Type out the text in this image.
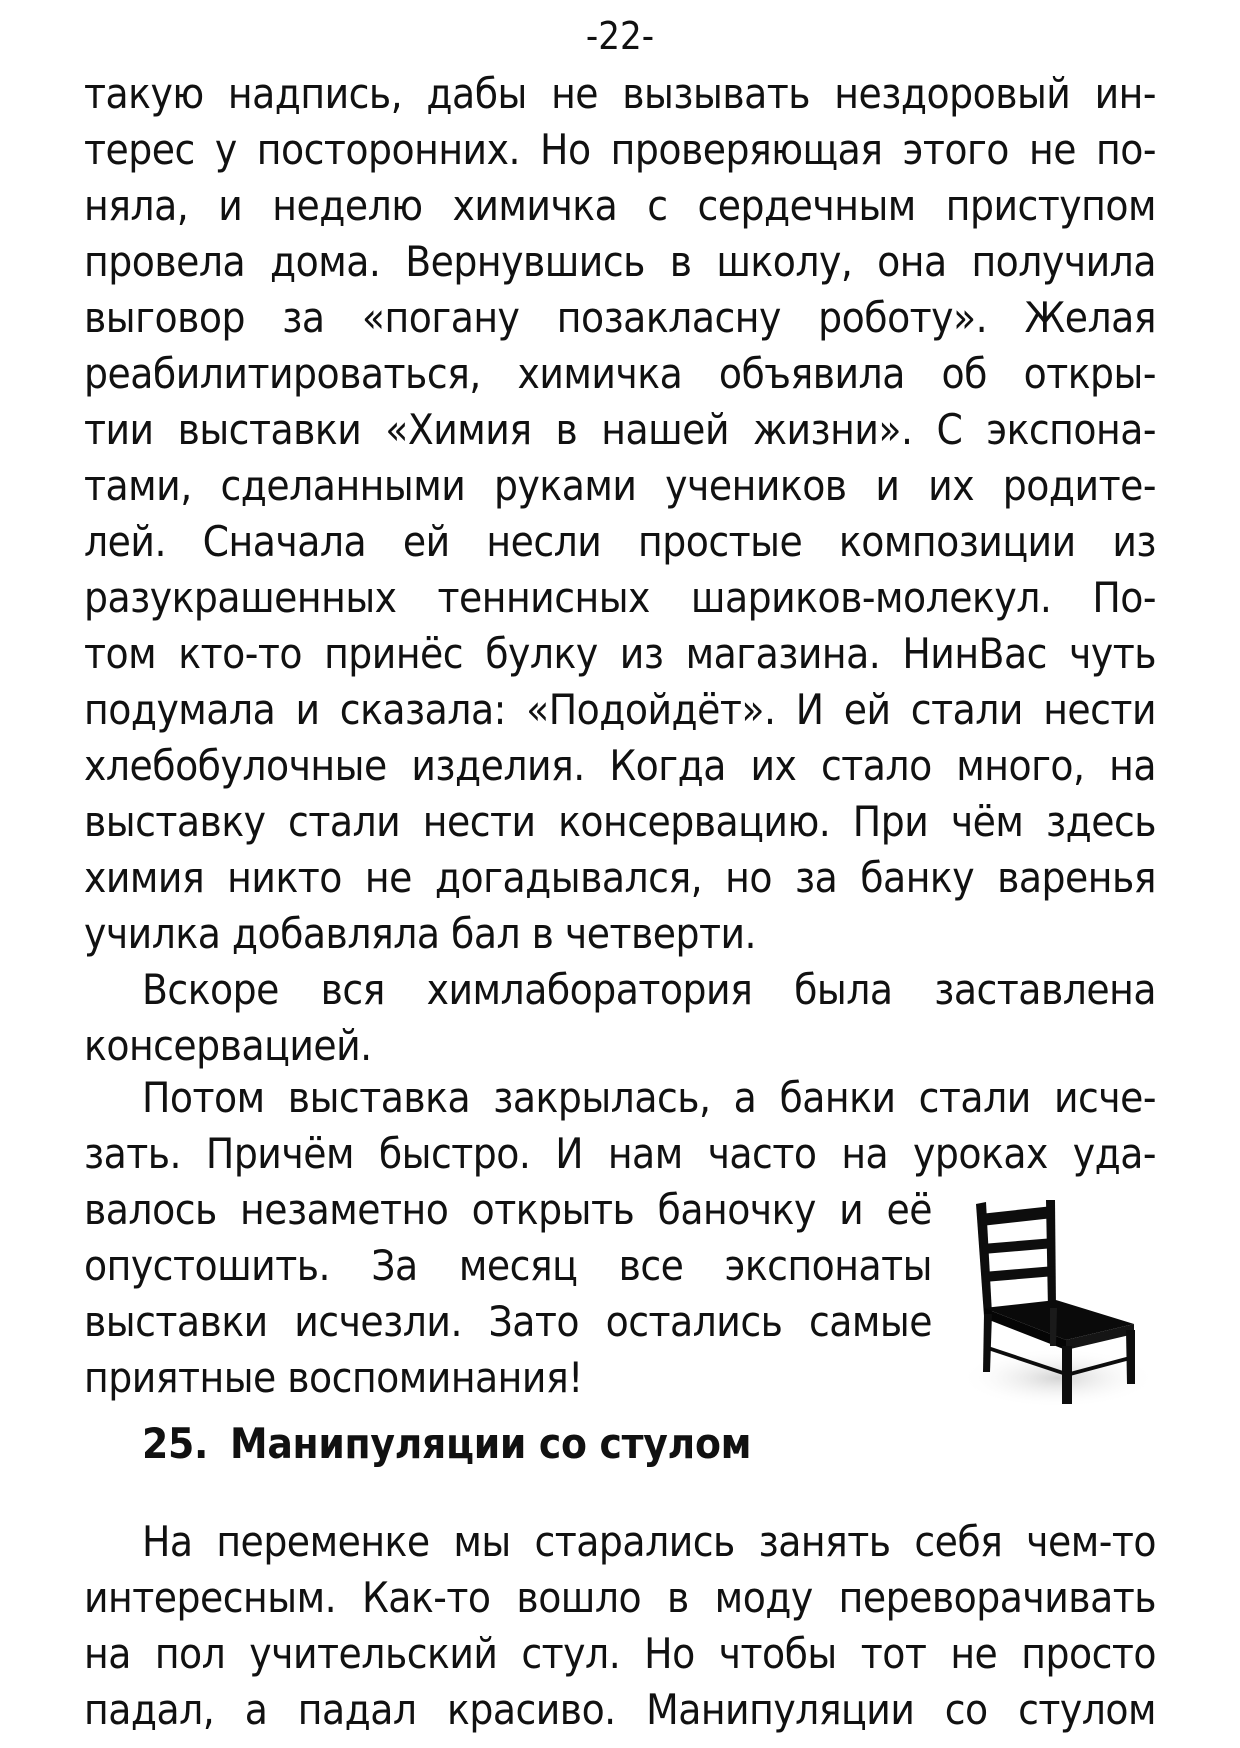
-22-
такую надпись, дабы не вызывать нездоровый ин-
терес у посторонних. Но проверяющая этого не по-
няла, и неделю химичка с сердечным приступом
провела дома. Вернувшись в школу, она получила
выговор за «погану позакласну роботу». Желая
реабилитироваться, химичка объявила об откры-
тии выставки «Химия в нашей жизни». С экспона-
тами, сделанными руками учеников и их родите-
лей. Сначала ей несли простые композиции из
разукрашенных теннисных шариков-молекул. По-
том кто-то принёс булку из магазина. НинВас чуть
подумала и сказала: «Подойдёт». И ей стали нести
хлебобулочные изделия. Когда их стало много, на
выставку стали нести консервацию. При чём здесь
химия никто не догадывался, но за банку варенья
училка добавляла бал в четверти.
Вскоре вся химлаборатория была заставлена
консервацией.
Потом выставка закрылась, а банки стали исче-
зать. Причём быстро. И нам часто на уроках уда-
валось незаметно открыть баночку и её
опустошить. За месяц все экспонаты
выставки исчезли. Зато остались самые
приятные воспоминания!
25. Манипуляции со стулом
На переменке мы старались занять себя чем-то
интересным. Как-то вошло в моду переворачивать
на пол учительский стул. Но чтобы тот не просто
падал, а падал красиво. Манипуляции со стулом
